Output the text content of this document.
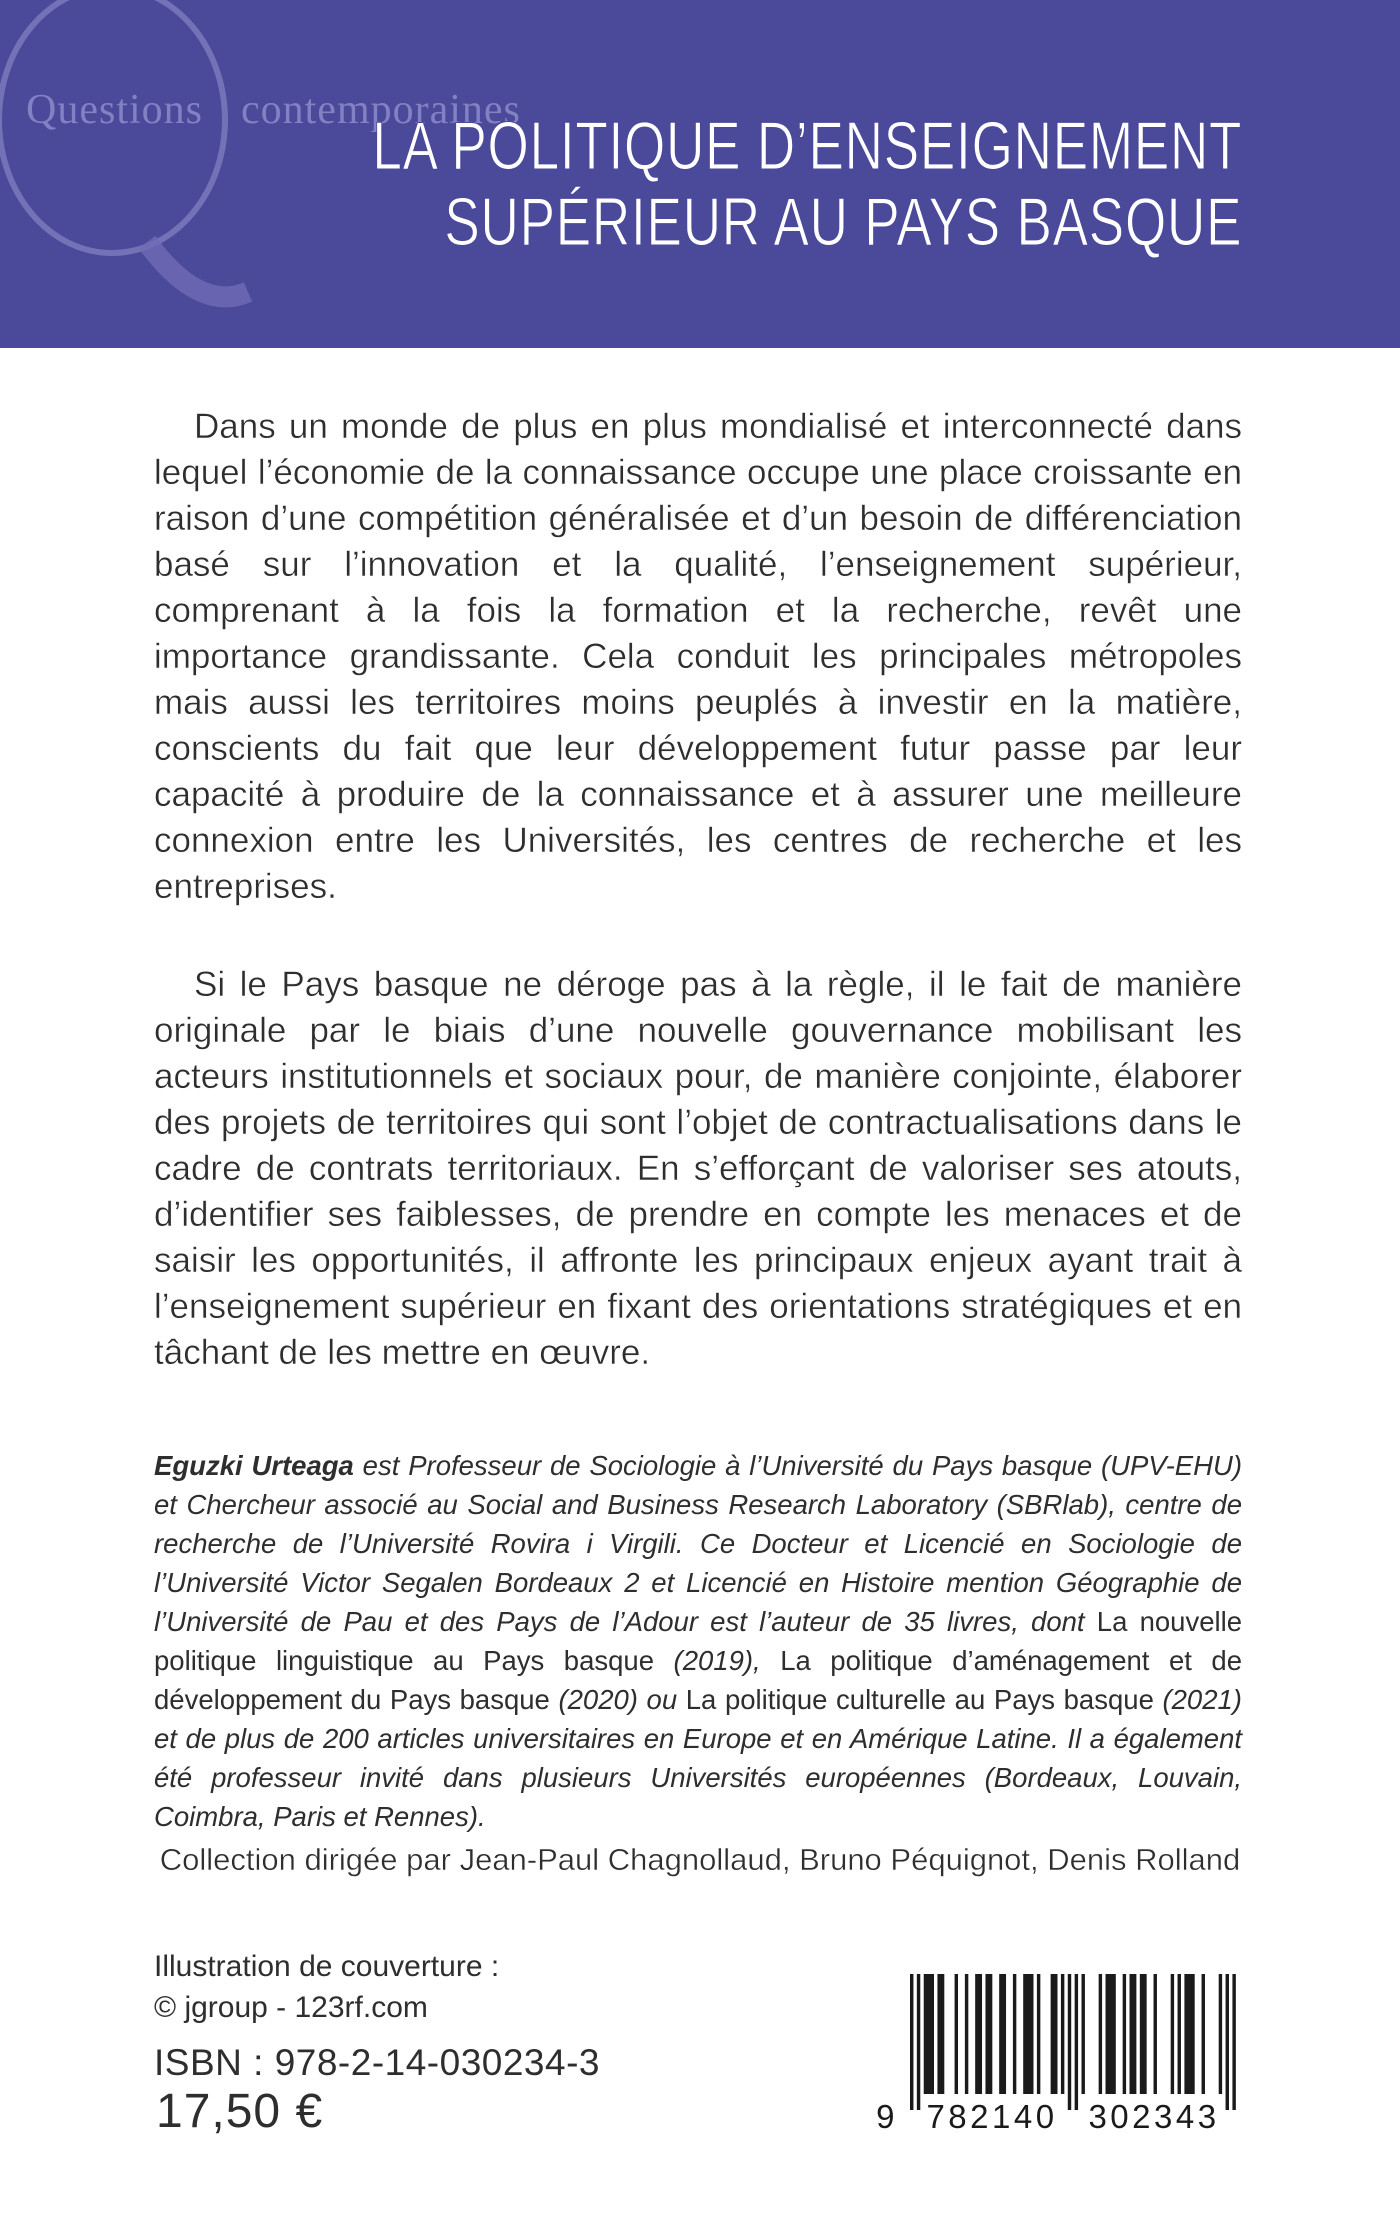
Questions contemporaines
LA POLITIQUE D’ENSEIGNEMENT
SUPÉRIEUR AU PAYS BASQUE

Dans un monde de plus en plus mondialisé et interconnecté dans lequel l’économie de la connaissance occupe une place croissante en raison d’une compétition généralisée et d’un besoin de différenciation basé sur l’innovation et la qualité, l’enseignement supérieur, comprenant à la fois la formation et la recherche, revêt une importance grandissante. Cela conduit les principales métropoles mais aussi les territoires moins peuplés à investir en la matière, conscients du fait que leur développement futur passe par leur capacité à produire de la connaissance et à assurer une meilleure connexion entre les Universités, les centres de recherche et les entreprises.

Si le Pays basque ne déroge pas à la règle, il le fait de manière originale par le biais d’une nouvelle gouvernance mobilisant les acteurs institutionnels et sociaux pour, de manière conjointe, élaborer des projets de territoires qui sont l’objet de contractualisations dans le cadre de contrats territoriaux. En s’efforçant de valoriser ses atouts, d’identifier ses faiblesses, de prendre en compte les menaces et de saisir les opportunités, il affronte les principaux enjeux ayant trait à l’enseignement supérieur en fixant des orientations stratégiques et en tâchant de les mettre en œuvre.

Eguzki Urteaga est Professeur de Sociologie à l’Université du Pays basque (UPV-EHU) et Chercheur associé au Social and Business Research Laboratory (SBRlab), centre de recherche de l’Université Rovira i Virgili. Ce Docteur et Licencié en Sociologie de l’Université Victor Segalen Bordeaux 2 et Licencié en Histoire mention Géographie de l’Université de Pau et des Pays de l’Adour est l’auteur de 35 livres, dont La nouvelle politique linguistique au Pays basque (2019), La politique d’aménagement et de développement du Pays basque (2020) ou La politique culturelle au Pays basque (2021) et de plus de 200 articles universitaires en Europe et en Amérique Latine. Il a également été professeur invité dans plusieurs Universités européennes (Bordeaux, Louvain, Coimbra, Paris et Rennes).

Collection dirigée par Jean-Paul Chagnollaud, Bruno Péquignot, Denis Rolland
Illustration de couverture :
© jgroup - 123rf.com
ISBN : 978-2-14-030234-3
17,50 €	9 782140 302343
